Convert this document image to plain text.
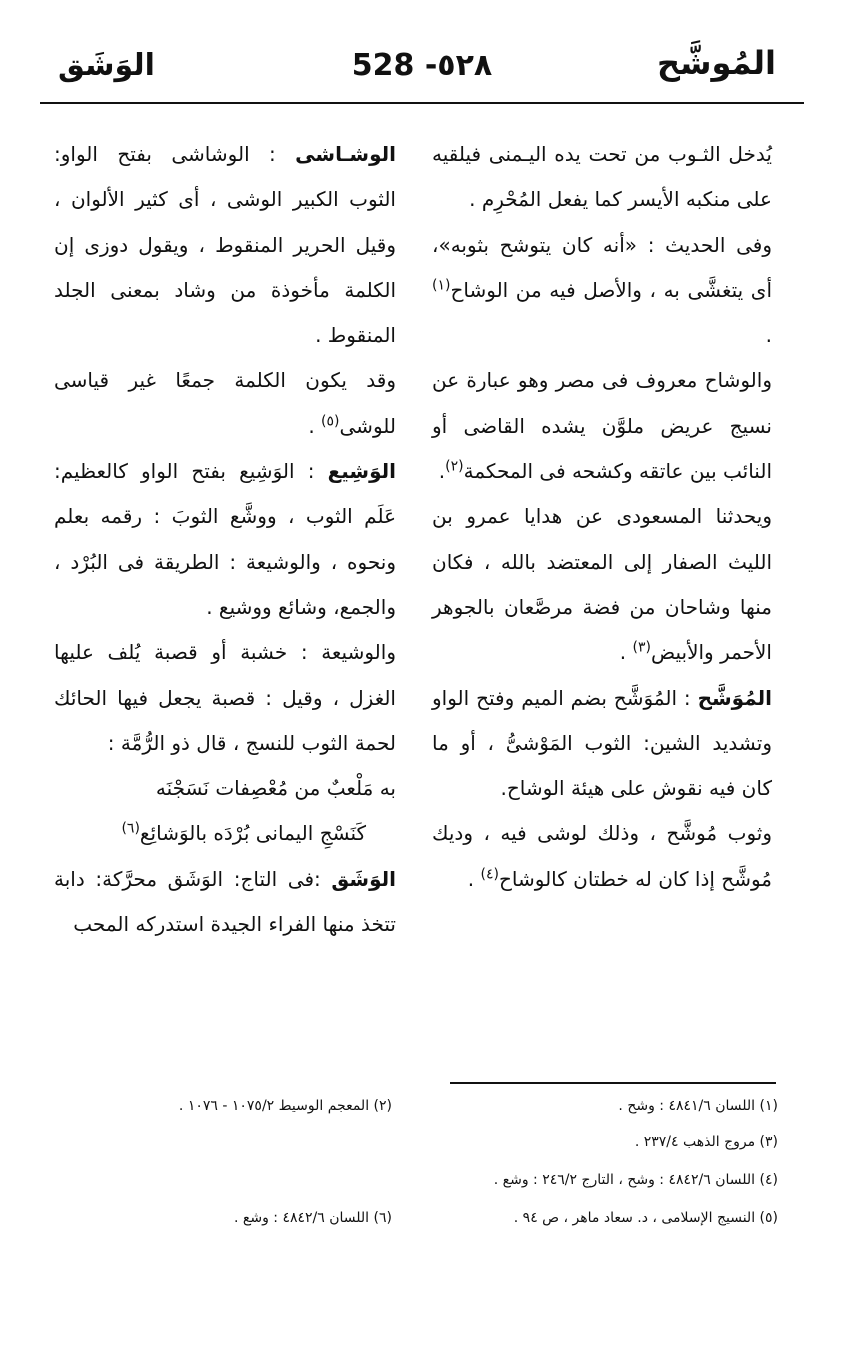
المُوشَّح
528 -٥٢٨
الوَشَق

يُدخل الثـوب من تحت يده اليـمنى فيلقيه على منكبه الأيسر كما يفعل المُحْرِم .

وفى الحديث : «أنه كان يتوشح بثوبه»، أى يتغشَّى به ، والأصل فيه من الوشاح$^{(١)}$ .

والوشاح معروف فى مصر وهو عبارة عن نسيج عريض ملوَّن يشده القاضى أو النائب بين عاتقه وكشحه فى المحكمة$^{(٢)}$.

ويحدثنا المسعودى عن هدايا عمرو بن الليث الصفار إلى المعتضد بالله ، فكان منها وشاحان من فضة مرصَّعان بالجوهر الأحمر والأبيض$^{(٣)}$ .

المُوَشَّح : المُوَشَّح بضم الميم وفتح الواو وتشديد الشين: الثوب المَوْشىُّ ، أو ما كان فيه نقوش على هيئة الوشاح.

وثوب مُوشَّح ، وذلك لوشى فيه ، وديك مُوشَّح إذا كان له خطتان كالوشاح$^{(٤)}$ .

الوشـاشى : الوشاشى بفتح الواو: الثوب الكبير الوشى ، أى كثير الألوان ، وقيل الحرير المنقوط ، ويقول دوزى إن الكلمة مأخوذة من وشاد بمعنى الجلد المنقوط .

وقد يكون الكلمة جمعًا غير قياسى للوشى$^{(٥)}$ .

الوَشِيع : الوَشِيع بفتح الواو كالعظيم: عَلَم الثوب ، ووشَّع الثوبَ : رقمه بعلم ونحوه ، والوشيعة : الطريقة فى البُرْد ، والجمع، وشائع ووشيع .

والوشيعة : خشبة أو قصبة يُلف عليها الغزل ، وقيل : قصبة يجعل فيها الحائك لحمة الثوب للنسج ، قال ذو الرُّمَّة :

به مَلْعبٌ من مُعْصِفات نَسَجْنَه

كَنَسْجِ اليمانى بُرْدَه بالوَشائِع$^{(٦)}$

الوَشَق :فى التاج: الوَشَق محرَّكة: دابة تتخذ منها الفراء الجيدة استدركه المحب

(١) اللسان ٤٨٤١/٦ : وشح .
(٢) المعجم الوسيط ١٠٧٥/٢ - ١٠٧٦ .
(٣) مروج الذهب ٢٣٧/٤ .
(٤) اللسان ٤٨٤٢/٦ : وشح ، التارج ٢٤٦/٢ : وشع .
(٥) النسيج الإسلامى ، د. سعاد ماهر ، ص ٩٤ .
(٦) اللسان ٤٨٤٢/٦ : وشع .
